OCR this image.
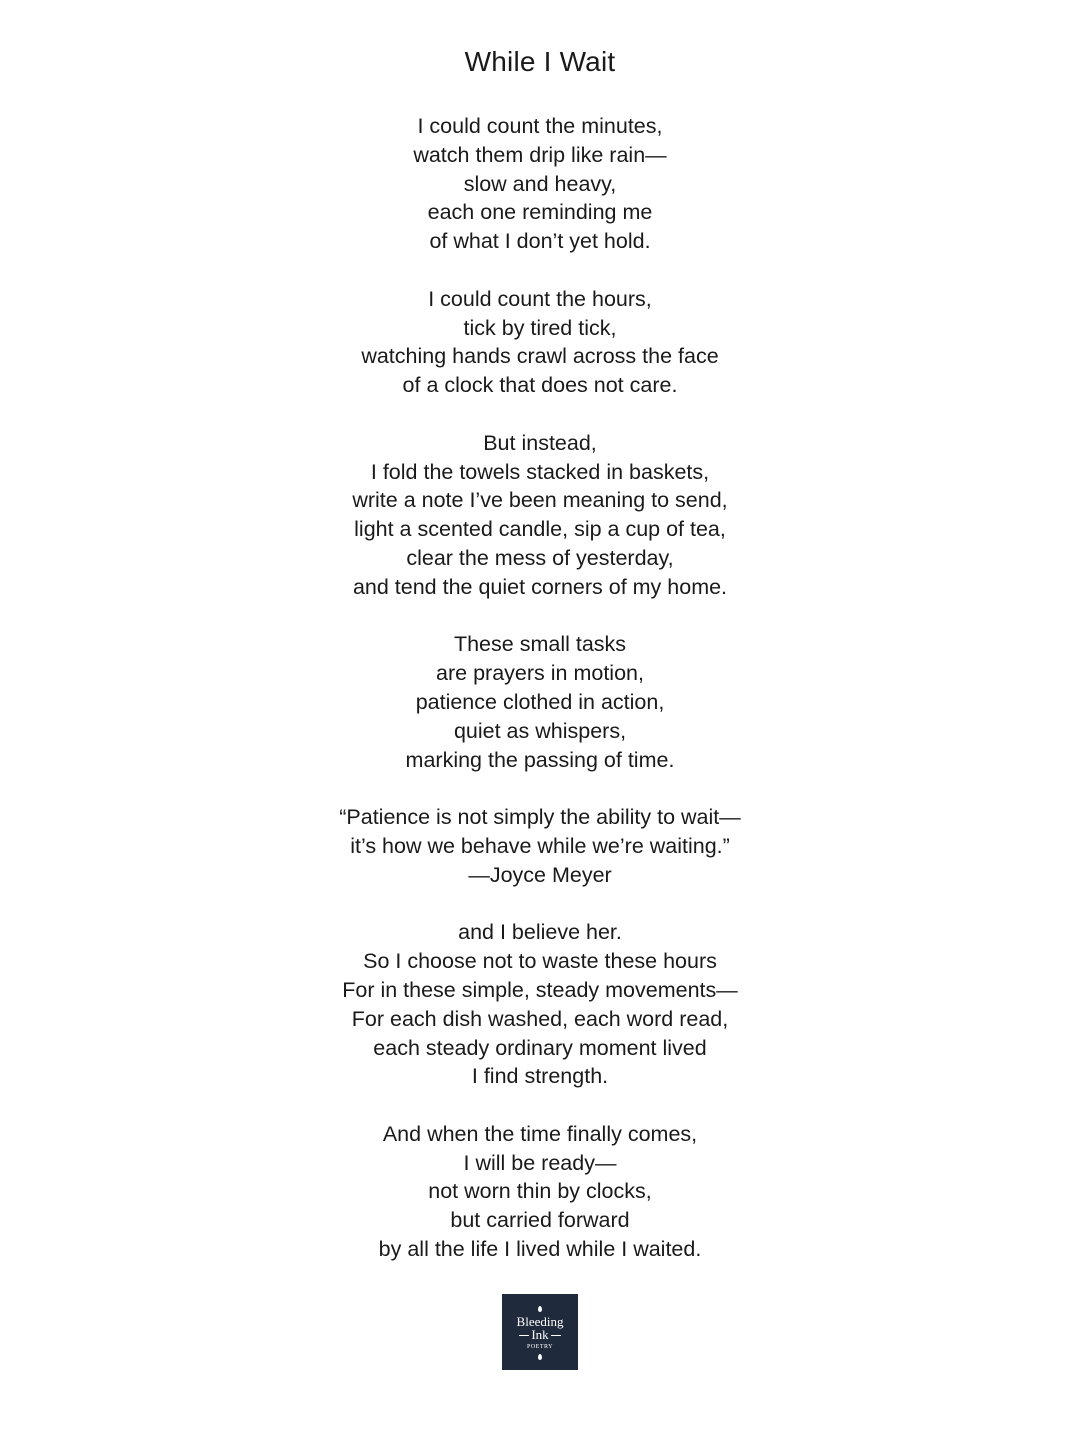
While I Wait
I could count the minutes,
watch them drip like rain—
slow and heavy,
each one reminding me
of what I don’t yet hold.
I could count the hours,
tick by tired tick,
watching hands crawl across the face
of a clock that does not care.
But instead,
I fold the towels stacked in baskets,
write a note I’ve been meaning to send,
light a scented candle, sip a cup of tea,
clear the mess of yesterday,
and tend the quiet corners of my home.
These small tasks
are prayers in motion,
patience clothed in action,
quiet as whispers,
marking the passing of time.
“Patience is not simply the ability to wait—
it’s how we behave while we’re waiting.”
—Joyce Meyer
and I believe her.
So I choose not to waste these hours
For in these simple, steady movements—
For each dish washed, each word read,
each steady ordinary moment lived
I find strength.
And when the time finally comes,
I will be ready—
not worn thin by clocks,
but carried forward
by all the life I lived while I waited.
Bleeding
Ink
POETRY
